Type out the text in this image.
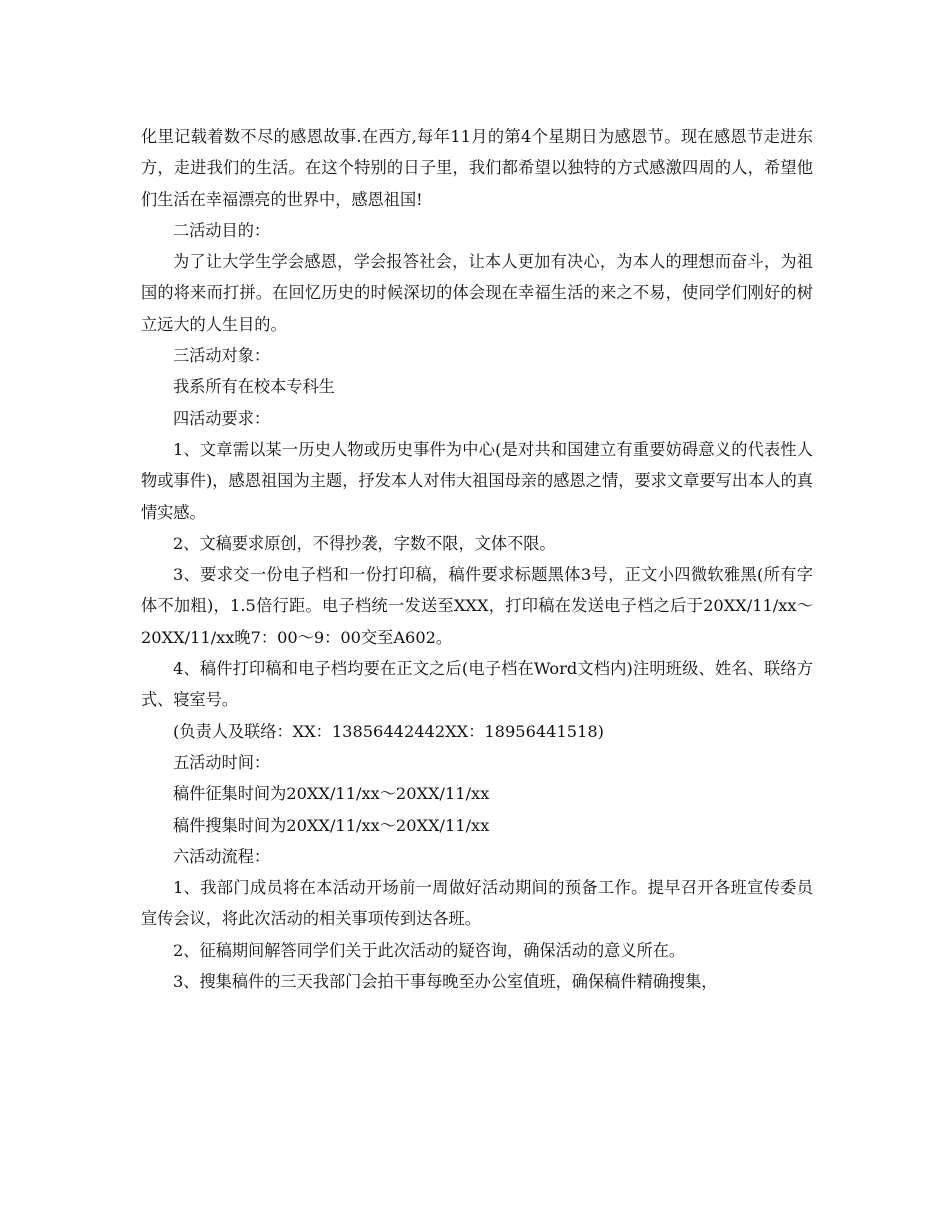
化里记载着数不尽的感恩故事.在西方,每年11月的第4个星期日为感恩节。现在感恩节走进东方，走进我们的生活。在这个特别的日子里，我们都希望以独特的方式感激四周的人，希望他们生活在幸福漂亮的世界中，感恩祖国!

二活动目的：

为了让大学生学会感恩，学会报答社会，让本人更加有决心，为本人的理想而奋斗，为祖国的将来而打拼。在回忆历史的时候深切的体会现在幸福生活的来之不易，使同学们刚好的树立远大的人生目的。

三活动对象：

我系所有在校本专科生

四活动要求：

1、文章需以某一历史人物或历史事件为中心(是对共和国建立有重要妨碍意义的代表性人物或事件)，感恩祖国为主题，抒发本人对伟大祖国母亲的感恩之情，要求文章要写出本人的真情实感。

2、文稿要求原创，不得抄袭，字数不限，文体不限。

3、要求交一份电子档和一份打印稿，稿件要求标题黑体3号，正文小四微软雅黑(所有字体不加粗)，1.5倍行距。电子档统一发送至XXX，打印稿在发送电子档之后于20XX/11/xx～20XX/11/xx晚7：00～9：00交至A602。

4、稿件打印稿和电子档均要在正文之后(电子档在Word文档内)注明班级、姓名、联络方式、寝室号。

(负责人及联络：XX：13856442442XX：18956441518)

五活动时间：

稿件征集时间为20XX/11/xx～20XX/11/xx

稿件搜集时间为20XX/11/xx～20XX/11/xx

六活动流程：

1、我部门成员将在本活动开场前一周做好活动期间的预备工作。提早召开各班宣传委员宣传会议，将此次活动的相关事项传到达各班。

2、征稿期间解答同学们关于此次活动的疑咨询，确保活动的意义所在。

3、搜集稿件的三天我部门会拍干事每晚至办公室值班，确保稿件精确搜集，
